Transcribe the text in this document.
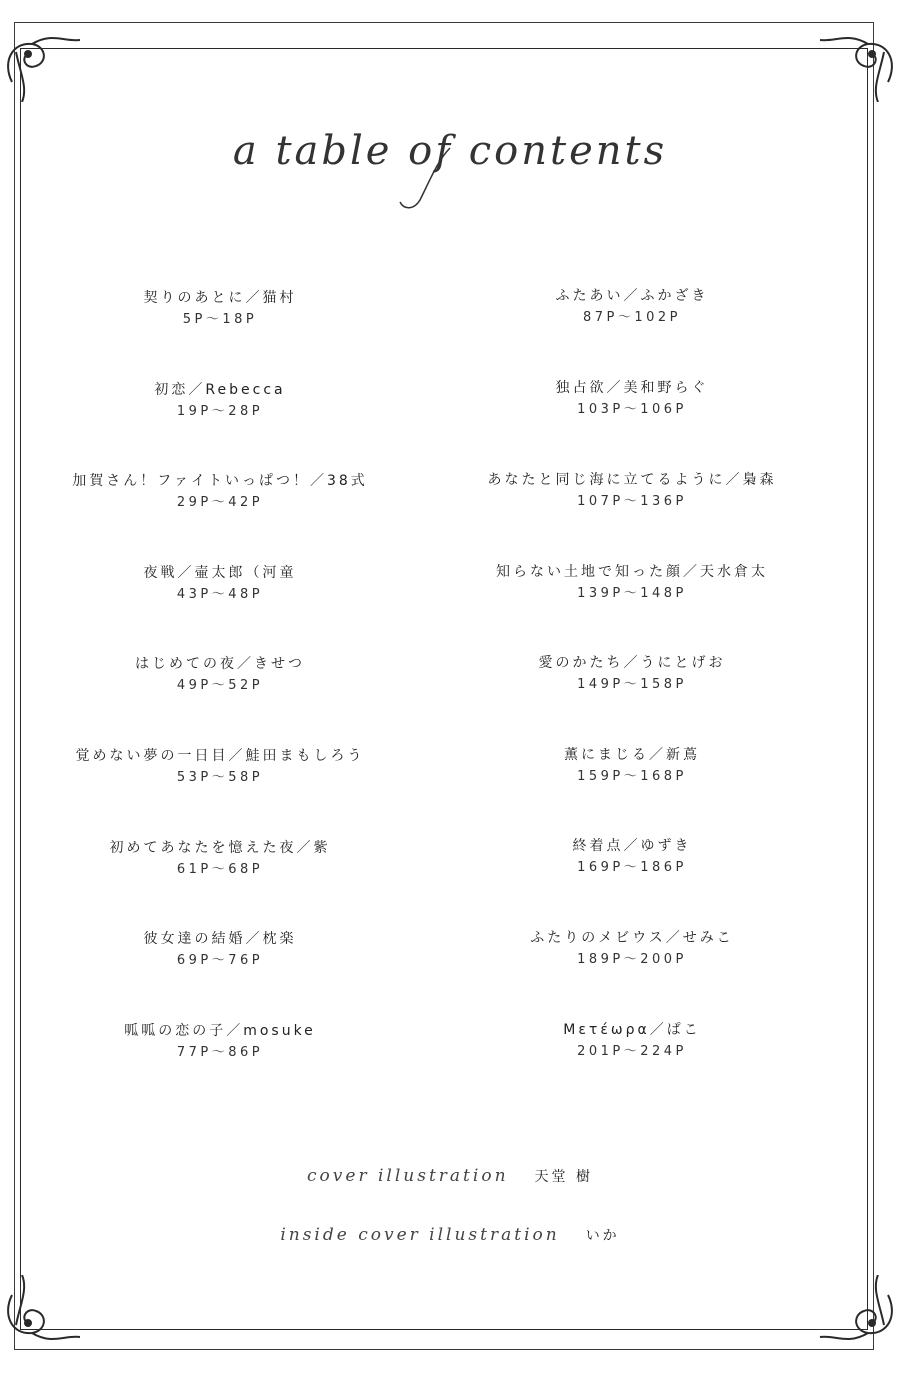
a table of contents
契りのあとに／猫村
5P～18P
初恋／Rebecca
19P～28P
加賀さん！ファイトいっぱつ！／38式
29P～42P
夜戦／壷太郎（河童
43P～48P
はじめての夜／きせつ
49P～52P
覚めない夢の一日目／鮭田まもしろう
53P～58P
初めてあなたを憶えた夜／紫
61P～68P
彼女達の結婚／枕楽
69P～76P
呱呱の恋の子／mosuke
77P～86P
ふたあい／ふかざき
87P～102P
独占欲／美和野らぐ
103P～106P
あなたと同じ海に立てるように／梟森
107P～136P
知らない土地で知った顔／天水倉太
139P～148P
愛のかたち／うにとげお
149P～158P
薫にまじる／新蔦
159P～168P
終着点／ゆずき
169P～186P
ふたりのメビウス／せみこ
189P～200P
Μετέωρα／ぱこ
201P～224P
cover illustration 天堂 樹
inside cover illustration いか
